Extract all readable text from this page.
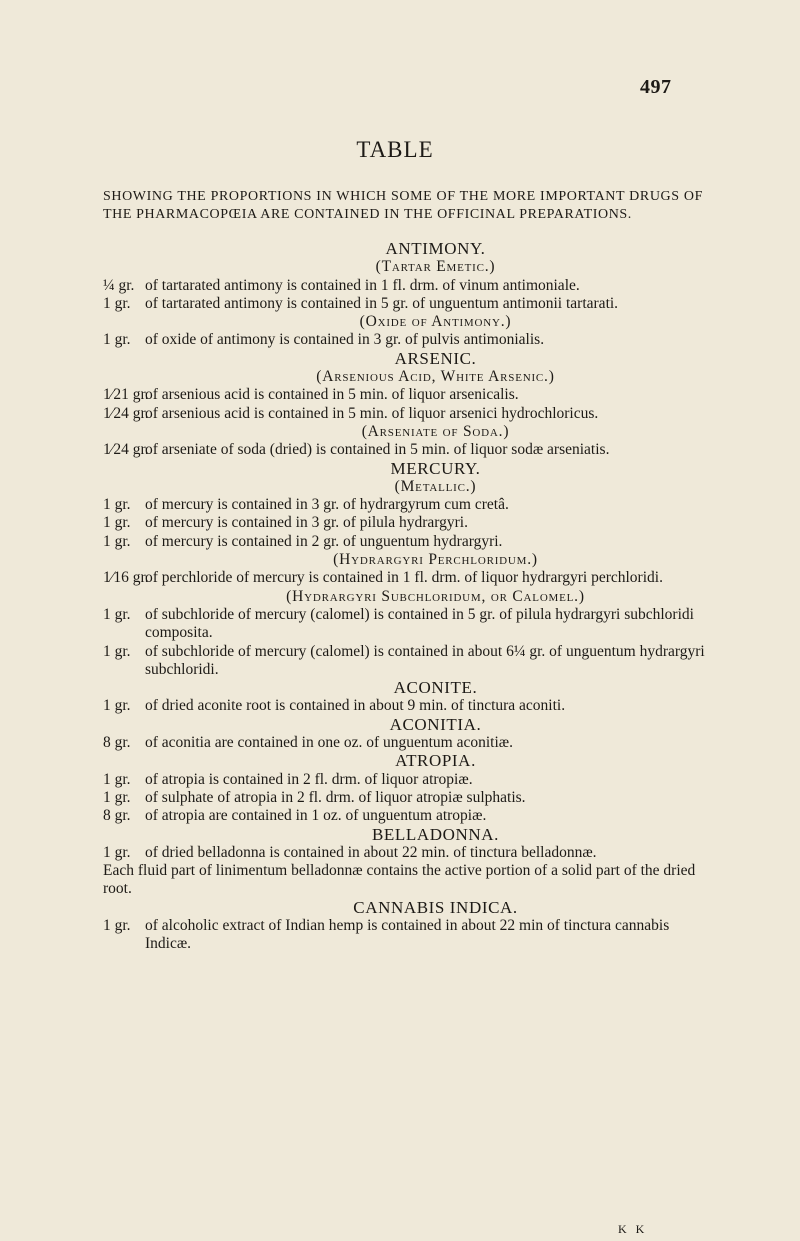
497
TABLE
SHOWING THE PROPORTIONS IN WHICH SOME OF THE MORE IMPORTANT DRUGS OF THE PHARMACOPŒIA ARE CONTAINED IN THE OFFICINAL PREPARATIONS.
ANTIMONY.
(Tartar Emetic.)
¼ gr. of tartarated antimony is contained in 1 fl. drm. of vinum antimoniale.
1 gr. of tartarated antimony is contained in 5 gr. of unguentum antimonii tartarati.
(Oxide of Antimony.)
1 gr. of oxide of antimony is contained in 3 gr. of pulvis antimonialis.
ARSENIC.
(Arsenious Acid, White Arsenic.)
1⁄21 gr.
of arsenious acid is contained in 5 min. of liquor arsenicalis.
1⁄24 gr.
of arsenious acid is contained in 5 min. of liquor arsenici hydrochloricus.
(Arseniate of Soda.)
1⁄24 gr.
of arseniate of soda (dried) is contained in 5 min. of liquor sodæ arseniatis.
MERCURY.
(Metallic.)
1 gr. of mercury is contained in 3 gr. of hydrargyrum cum cretâ.
1 gr. of mercury is contained in 3 gr. of pilula hydrargyri.
1 gr. of mercury is contained in 2 gr. of unguentum hydrargyri.
(Hydrargyri Perchloridum.)
1⁄16 gr.
of perchloride of mercury is contained in 1 fl. drm. of liquor hydrargyri perchloridi.
(Hydrargyri Subchloridum, or Calomel.)
1 gr. of subchloride of mercury (calomel) is contained in 5 gr. of pilula hydrargyri subchloridi composita.
1 gr. of subchloride of mercury (calomel) is contained in about 6¼ gr. of unguentum hydrargyri subchloridi.
ACONITE.
1 gr. of dried aconite root is contained in about 9 min. of tinctura aconiti.
ACONITIA.
8 gr. of aconitia are contained in one oz. of unguentum aconitiæ.
ATROPIA.
1 gr. of atropia is contained in 2 fl. drm. of liquor atropiæ.
1 gr. of sulphate of atropia in 2 fl. drm. of liquor atropiæ sulphatis.
8 gr. of atropia are contained in 1 oz. of unguentum atropiæ.
BELLADONNA.
1 gr. of dried belladonna is contained in about 22 min. of tinctura belladonnæ.
Each fluid part of linimentum belladonnæ contains the active portion of a solid part of the dried root.
CANNABIS INDICA.
1 gr. of alcoholic extract of Indian hemp is contained in about 22 min of tinctura cannabis Indicæ.
K K
